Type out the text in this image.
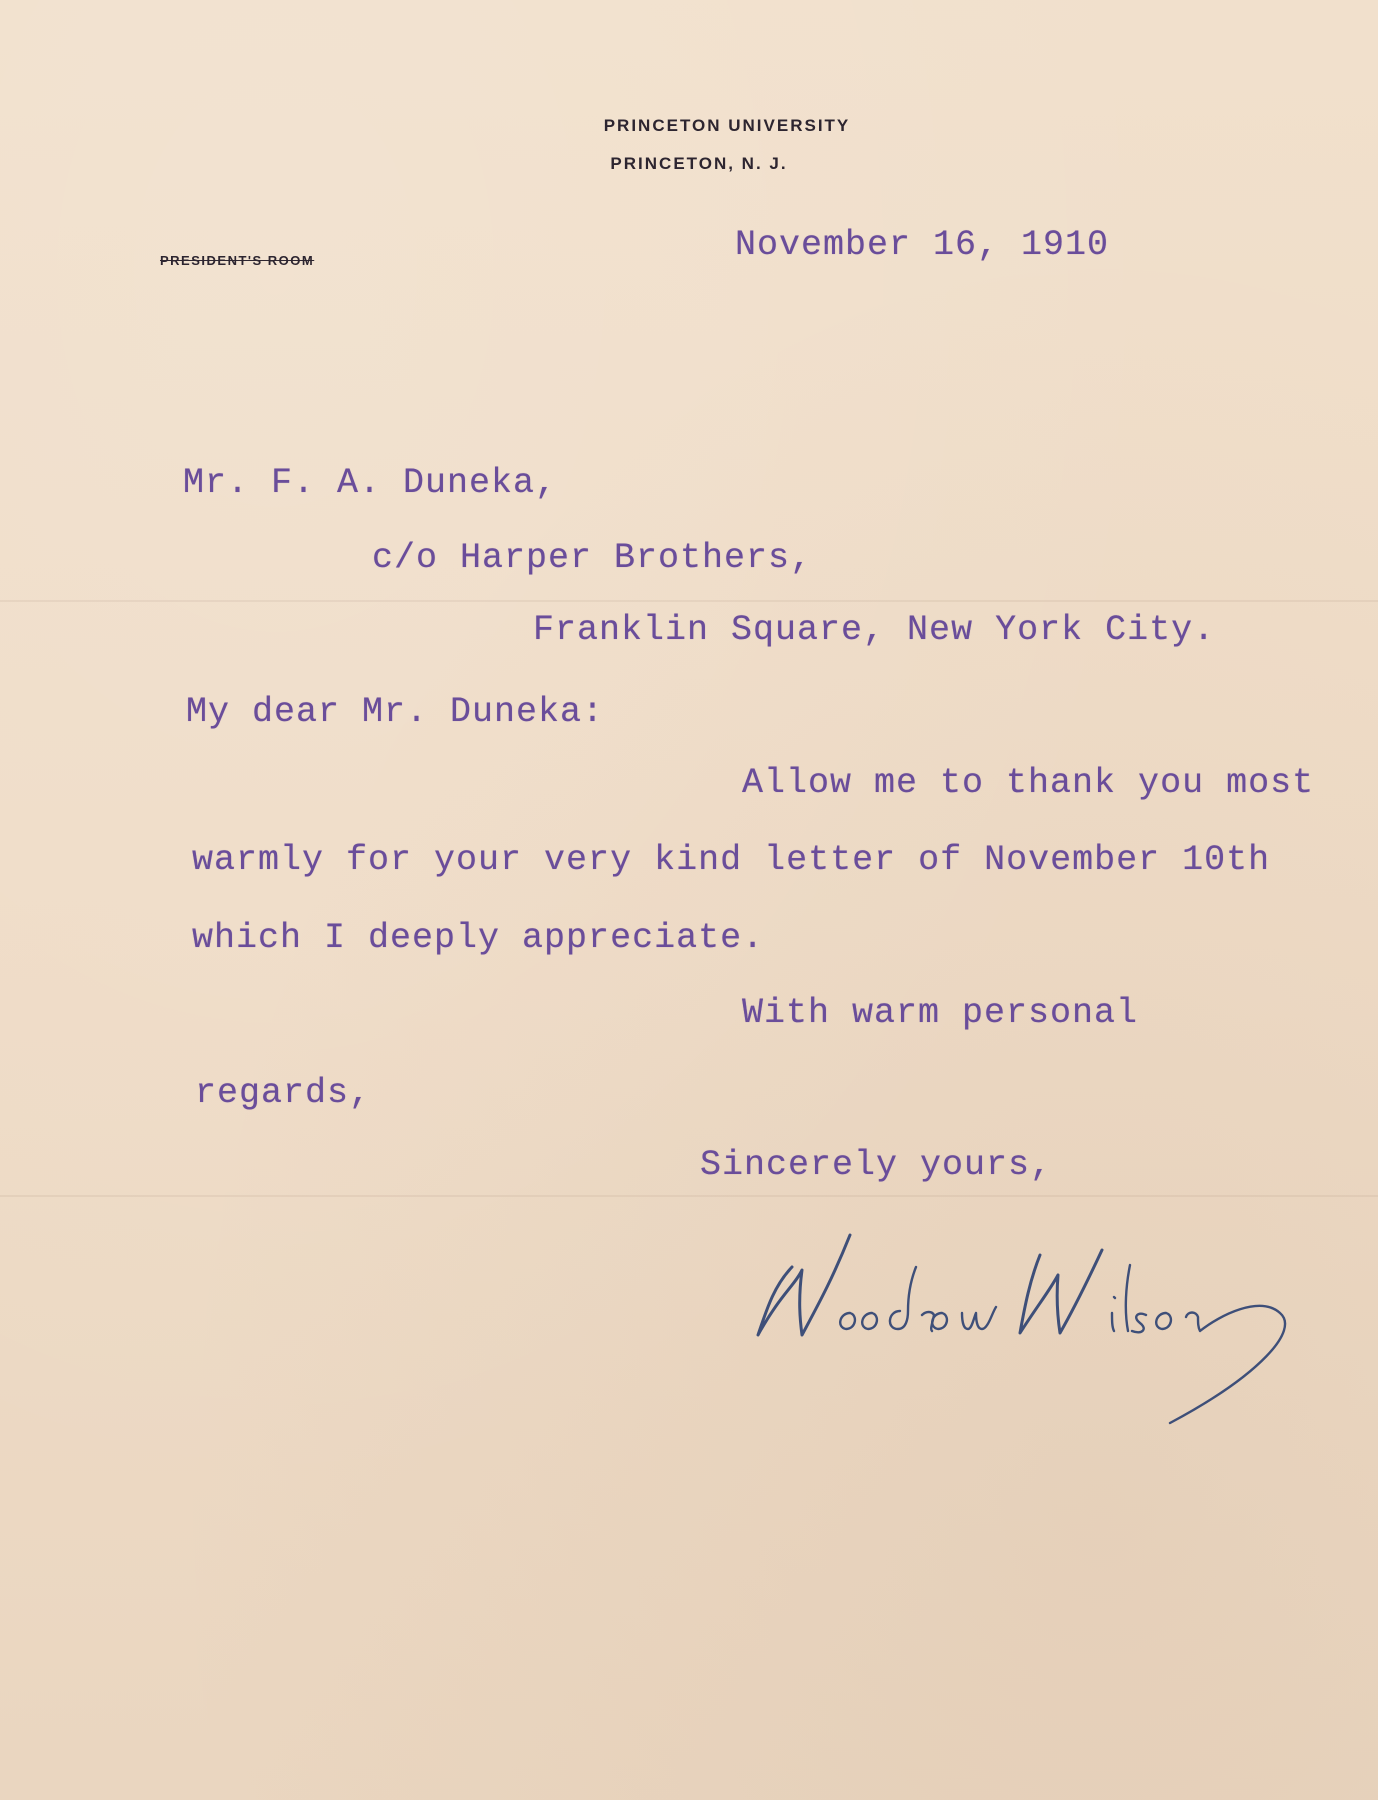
PRINCETON UNIVERSITY
PRINCETON, N. J.
PRESIDENT'S ROOM	November 16, 1910
Mr. F. A. Duneka,
c/o Harper Brothers,
Franklin Square, New York City.
My dear Mr. Duneka:
Allow me to thank you most
warmly for your very kind letter of November 10th
which I deeply appreciate.
With warm personal
regards,
Sincerely yours,
